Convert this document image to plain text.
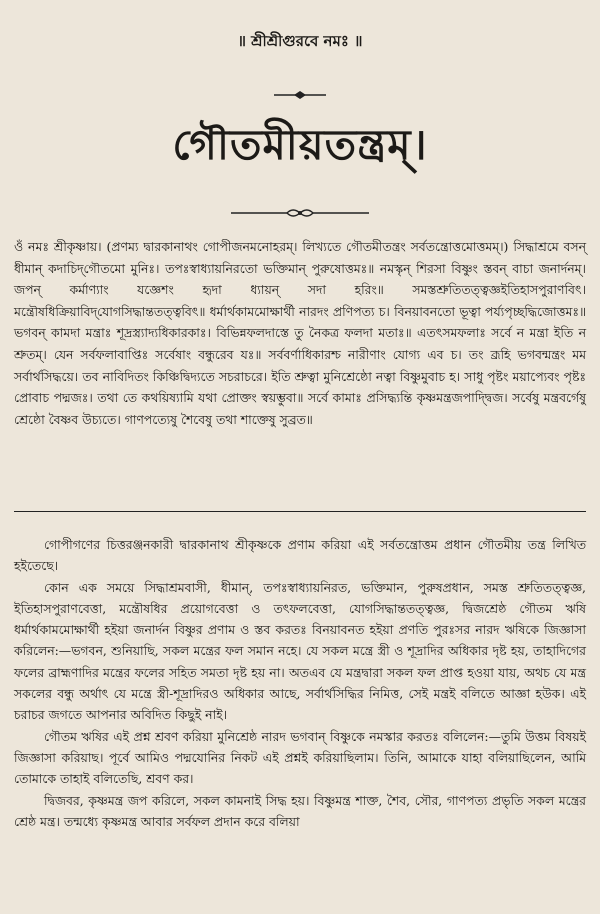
॥ শ্রীশ্রীগুরবে নমঃ ॥
গৌতমীয়তন্ত্রম্।
ওঁ নমঃ শ্রীকৃষ্ণায়। (প্রণম্য দ্বারকানাথং গোপীজনমনোহরম্। লিখ্যতে গৌতমীতন্ত্রং সর্বতন্ত্রোত্তমোত্তমম্।) সিদ্ধাশ্রমে বসন্ ধীমান্ কদাচিদ্‌গৌতমো মুনিঃ। তপঃস্বাধ্যায়নিরতো ভক্তিমান্ পুরুষোত্তমঃ॥ নমস্কৃন্‌ শিরসা বিষ্ণুং স্তবন্ বাচা জনার্দনম্। জপন্ কর্মাণ্যাং যজ্ঞেশং হৃদা ধ্যায়ন্ সদা হরিং॥ সমস্তশ্রুতিতত্ত্বজ্ঞইতিহাসপুরাণবিৎ। মন্ত্রৌষধিক্রিয়াবিদ্‌যোগসিদ্ধান্ততত্ত্ববিৎ॥ ধর্মার্থকামমোক্ষার্থী নারদং প্রণিপত্য চ। বিনয়াবনতো ভূত্বা পর্য্যপৃচ্ছদ্ধিজোত্তমঃ॥ ভগবন্ কামদা মন্ত্রাঃ শূদ্রস্ত্র্যাদ্যধিকারকাঃ। বিভিন্নফলদাস্তে তু নৈকত্র ফলদা মতাঃ॥ এতৎসমফলাঃ সর্বে ন মন্ত্রা ইতি ন শ্রুতম্। যেন সর্বফলাবাপ্তিঃ সর্বেষাং বন্ধুরেব যঃ॥ সর্ববর্ণাধিকারশ্চ নারীণাং যোগ্য এব চ। তং ব্রূহি ভগবন্মন্ত্রং মম সর্বার্থসিদ্ধয়ে। তব নাবিদিতং কিঞ্চিদ্বিদ্যতে সচরাচরে। ইতি শ্রুত্বা মুনিশ্রেষ্ঠো নত্বা বিষ্ণুমুবাচ হ। সাধু পৃষ্টং ময়াপ্যেবং পৃষ্টঃ প্রোবাচ পদ্মজঃ। তথা তে কথয়িষ্যামি যথা প্রোক্তং স্বয়ম্ভুবা॥ সর্বে কামাঃ প্রসিদ্ধ্যন্তি কৃষ্ণমন্ত্রজপাদ্দ্বিজ। সর্বেষু মন্ত্রবর্গেষু শ্রেষ্ঠো বৈষ্ণব উচ্যতে। গাণপত্যেষু শৈবেষু তথা শাক্তেষু সুব্রত॥

গোপীগণের চিত্তরঞ্জনকারী দ্বারকানাথ শ্রীকৃষ্ণকে প্রণাম করিয়া এই সর্বতন্ত্রোত্তম প্রধান গৌতমীয় তন্ত্র লিখিত হইতেছে।

কোন এক সময়ে সিদ্ধাশ্রমবাসী, ধীমান্, তপঃস্বাধ্যায়নিরত, ভক্তিমান, পুরুষপ্রধান, সমস্ত শ্রুতিতত্ত্বজ্ঞ, ইতিহাসপুরাণবেত্তা, মন্ত্রৌষধির প্রয়োগবেত্তা ও তৎফলবেত্তা, যোগসিদ্ধান্ততত্ত্বজ্ঞ, দ্বিজশ্রেষ্ঠ গৌতম ঋষি ধর্মার্থকামমোক্ষার্থী হইয়া জনার্দন বিষ্ণুর প্রণাম ও স্তব করতঃ বিনয়াবনত হইয়া প্রণতি পুরঃসর নারদ ঋষিকে জিজ্ঞাসা করিলেন:—ভগবন, শুনিয়াছি, সকল মন্ত্রের ফল সমান নহে। যে সকল মন্ত্রে স্ত্রী ও শূদ্রাদির অধিকার দৃষ্ট হয়, তাহাদিগের ফলের ব্রাহ্মণাদির মন্ত্রের ফলের সহিত সমতা দৃষ্ট হয় না। অতএব যে মন্ত্রদ্বারা সকল ফল প্রাপ্ত হওয়া যায়, অথচ যে মন্ত্র সকলের বন্ধু অর্থাৎ যে মন্ত্রে স্ত্রী-শূদ্রাদিরও অধিকার আছে, সর্বার্থসিদ্ধির নিমিত্ত, সেই মন্ত্রই বলিতে আজ্ঞা হউক। এই চরাচর জগতে আপনার অবিদিত কিছুই নাই।

গৌতম ঋষির এই প্রশ্ন শ্রবণ করিয়া মুনিশ্রেষ্ঠ নারদ ভগবান্ বিষ্ণুকে নমস্কার করতঃ বলিলেন:—তুমি উত্তম বিষয়ই জিজ্ঞাসা করিয়াছ। পূর্বে আমিও পদ্মযোনির নিকট এই প্রশ্নই করিয়াছিলাম। তিনি, আমাকে যাহা বলিয়াছিলেন, আমি তোমাকে তাহাই বলিতেছি, শ্রবণ কর।

দ্বিজবর, কৃষ্ণমন্ত্র জপ করিলে, সকল কামনাই সিদ্ধ হয়। বিষ্ণুমন্ত্র শাক্ত, শৈব, সৌর, গাণপত্য প্রভৃতি সকল মন্ত্রের শ্রেষ্ঠ মন্ত্র। তন্মধ্যে কৃষ্ণমন্ত্র আবার সর্বফল প্রদান করে বলিয়া
